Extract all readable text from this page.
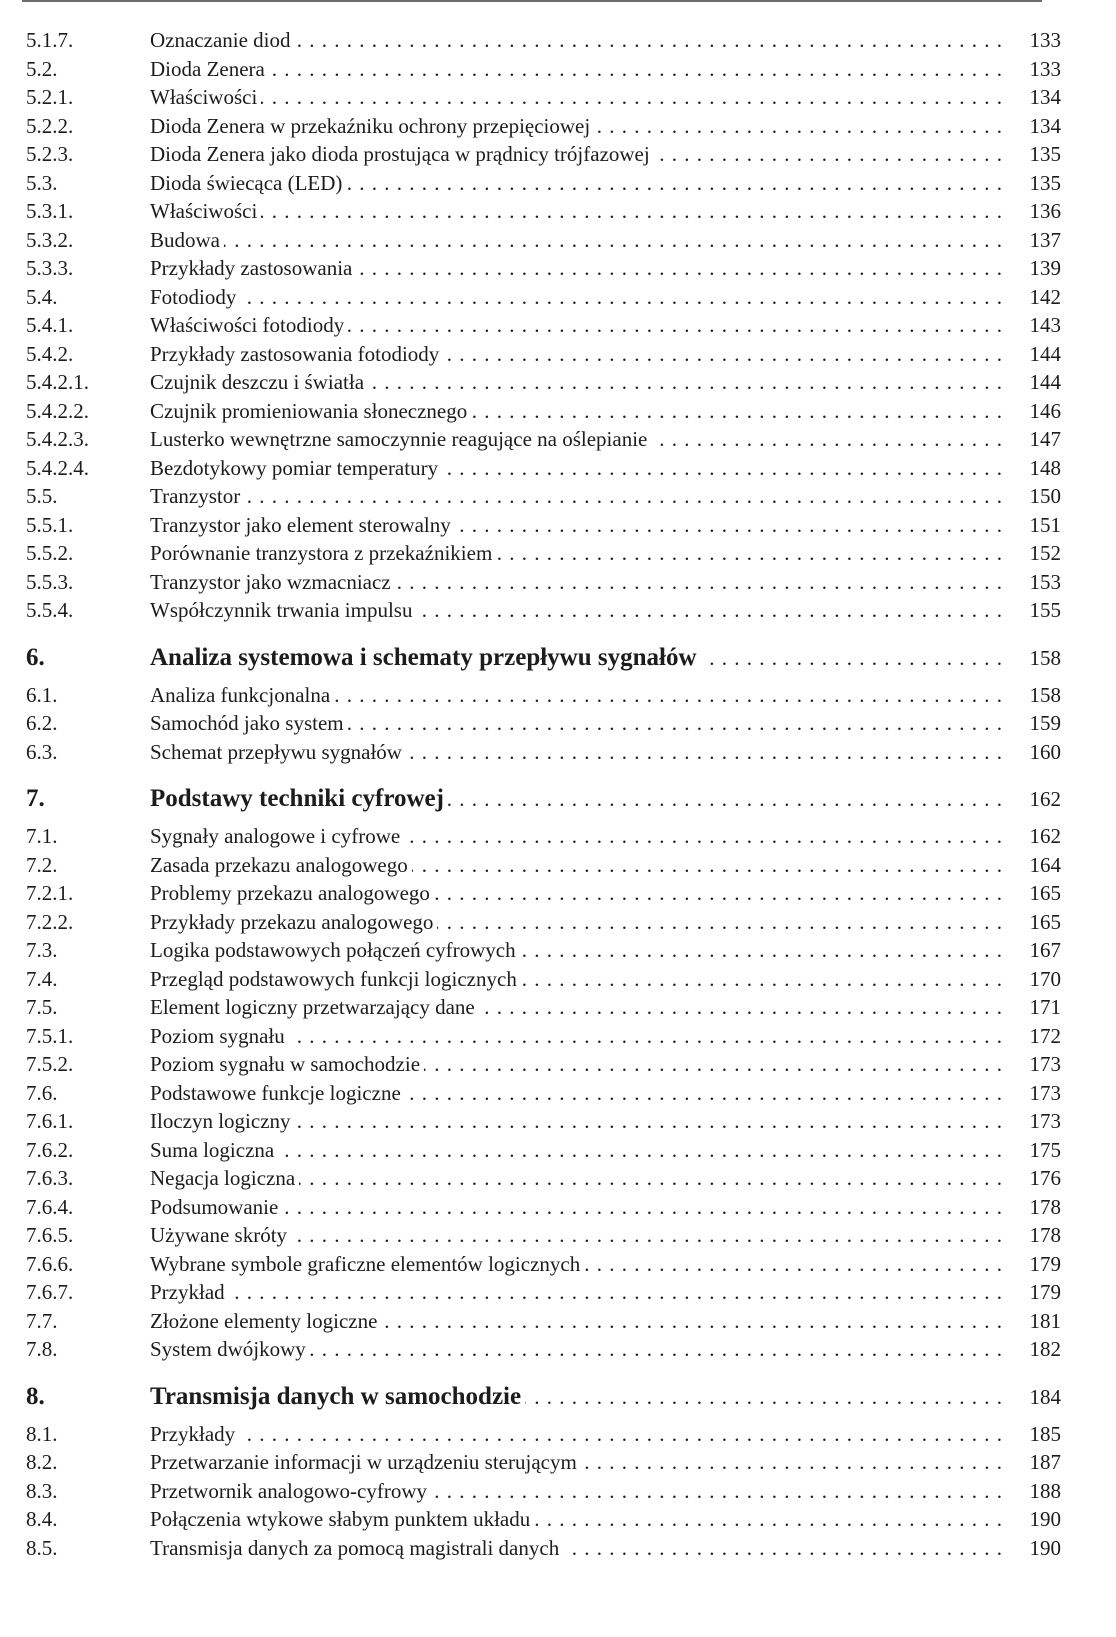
5.1.7.	Oznaczanie diod . . .	133
5.2.	Dioda Zenera . . .	133
5.2.1.	Właściwości . . .	134
5.2.2.	Dioda Zenera w przekaźniku ochrony przepięciowej . . .	134
5.2.3.	Dioda Zenera jako dioda prostująca w prądnicy trójfazowej . . .	135
5.3.	Dioda świecąca (LED) . . .	135
5.3.1.	Właściwości . . .	136
5.3.2.	Budowa . . .	137
5.3.3.	Przykłady zastosowania . . .	139
5.4.	Fotodiody . . .	142
5.4.1.	Właściwości fotodiody . . .	143
5.4.2.	Przykłady zastosowania fotodiody . . .	144
5.4.2.1.	Czujnik deszczu i światła . . .	144
5.4.2.2.	Czujnik promieniowania słonecznego . . .	146
5.4.2.3.	Lusterko wewnętrzne samoczynnie reagujące na oślepianie . . .	147
5.4.2.4.	Bezdotykowy pomiar temperatury . . .	148
5.5.	Tranzystor . . .	150
5.5.1.	Tranzystor jako element sterowalny . . .	151
5.5.2.	Porównanie tranzystora z przekaźnikiem . . .	152
5.5.3.	Tranzystor jako wzmacniacz . . .	153
5.5.4.	Współczynnik trwania impulsu . . .	155
6.	Analiza systemowa i schematy przepływu sygnałów . . .	158
6.1.	Analiza funkcjonalna . . .	158
6.2.	Samochód jako system . . .	159
6.3.	Schemat przepływu sygnałów . . .	160
7.	Podstawy techniki cyfrowej . . .	162
7.1.	Sygnały analogowe i cyfrowe . . .	162
7.2.	Zasada przekazu analogowego . . .	164
7.2.1.	Problemy przekazu analogowego . . .	165
7.2.2.	Przykłady przekazu analogowego . . .	165
7.3.	Logika podstawowych połączeń cyfrowych . . .	167
7.4.	Przegląd podstawowych funkcji logicznych . . .	170
7.5.	Element logiczny przetwarzający dane . . .	171
7.5.1.	Poziom sygnału . . .	172
7.5.2.	Poziom sygnału w samochodzie . . .	173
7.6.	Podstawowe funkcje logiczne . . .	173
7.6.1.	Iloczyn logiczny . . .	173
7.6.2.	Suma logiczna . . .	175
7.6.3.	Negacja logiczna . . .	176
7.6.4.	Podsumowanie . . .	178
7.6.5.	Używane skróty . . .	178
7.6.6.	Wybrane symbole graficzne elementów logicznych . . .	179
7.6.7.	Przykład . . .	179
7.7.	Złożone elementy logiczne . . .	181
7.8.	System dwójkowy . . .	182
8.	Transmisja danych w samochodzie . . .	184
8.1.	Przykłady . . .	185
8.2.	Przetwarzanie informacji w urządzeniu sterującym . . .	187
8.3.	Przetwornik analogowo-cyfrowy . . .	188
8.4.	Połączenia wtykowe słabym punktem układu . . .	190
8.5.	Transmisja danych za pomocą magistrali danych . . .	190
